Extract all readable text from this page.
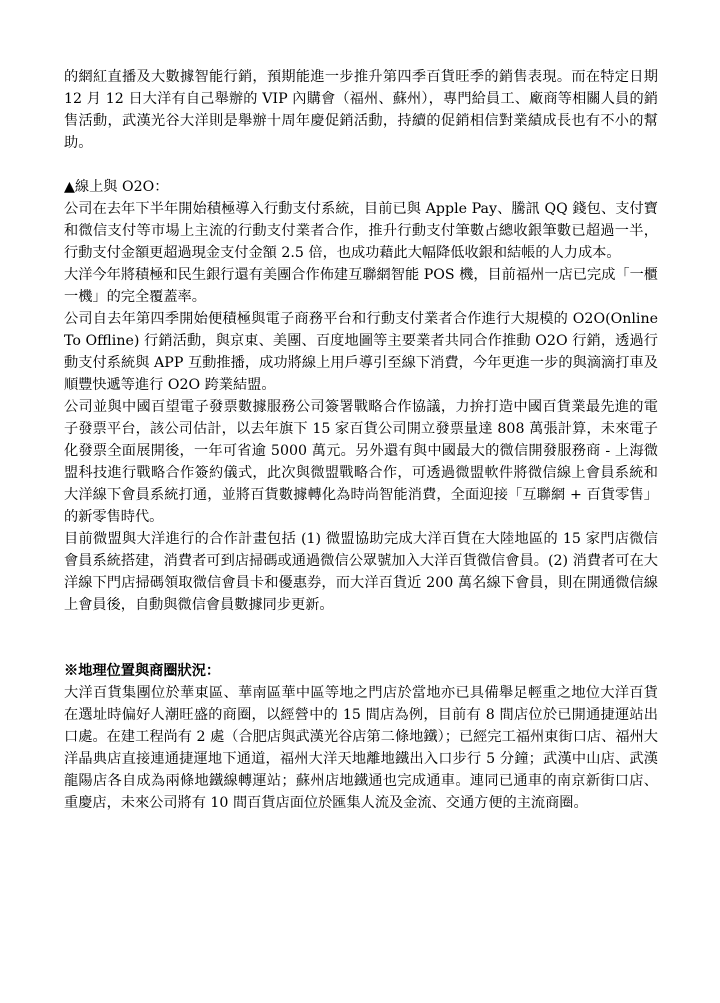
的網紅直播及大數據智能行銷，預期能進一步推升第四季百貨旺季的銷售表現。而在特定日期 12 月 12 日大洋有自己舉辦的 VIP 內購會（福州、蘇州），專門給員工、廠商等相關人員的銷售活動，武漢光谷大洋則是舉辦十周年慶促銷活動，持續的促銷相信對業績成長也有不小的幫助。

▲線上與 O2O：

公司在去年下半年開始積極導入行動支付系統，目前已與 Apple Pay、騰訊 QQ 錢包、支付寶和微信支付等市場上主流的行動支付業者合作，推升行動支付筆數占總收銀筆數已超過一半，行動支付金額更超過現金支付金額 2.5 倍，也成功藉此大幅降低收銀和結帳的人力成本。

大洋今年將積極和民生銀行還有美團合作佈建互聯網智能 POS 機，目前福州一店已完成「一櫃一機」的完全覆蓋率。

公司自去年第四季開始便積極與電子商務平台和行動支付業者合作進行大規模的 O2O(Online To Offline) 行銷活動，與京東、美團、百度地圖等主要業者共同合作推動 O2O 行銷，透過行動支付系統與 APP 互動推播，成功將線上用戶導引至線下消費，今年更進一步的與滴滴打車及順豐快遞等進行 O2O 跨業結盟。

公司並與中國百望電子發票數據服務公司簽署戰略合作協議，力拚打造中國百貨業最先進的電子發票平台，該公司估計，以去年旗下 15 家百貨公司開立發票量達 808 萬張計算，未來電子化發票全面展開後，一年可省逾 5000 萬元。另外還有與中國最大的微信開發服務商 - 上海微盟科技進行戰略合作簽約儀式，此次與微盟戰略合作，可透過微盟軟件將微信線上會員系統和大洋線下會員系統打通，並將百貨數據轉化為時尚智能消費，全面迎接「互聯網 + 百貨零售」的新零售時代。

目前微盟與大洋進行的合作計畫包括 (1) 微盟協助完成大洋百貨在大陸地區的 15 家門店微信會員系統搭建，消費者可到店掃碼或通過微信公眾號加入大洋百貨微信會員。(2) 消費者可在大洋線下門店掃碼領取微信會員卡和優惠券，而大洋百貨近 200 萬名線下會員，則在開通微信線上會員後，自動與微信會員數據同步更新。

※地理位置與商圈狀況：

大洋百貨集團位於華東區、華南區華中區等地之門店於當地亦已具備舉足輕重之地位大洋百貨在選址時偏好人潮旺盛的商圈，以經營中的 15 間店為例，目前有 8 間店位於已開通捷運站出口處。在建工程尚有 2 處（合肥店與武漢光谷店第二條地鐵）；已經完工福州東街口店、福州大洋晶典店直接連通捷運地下通道，福州大洋天地離地鐵出入口步行 5 分鐘；武漢中山店、武漢龍陽店各自成為兩條地鐵線轉運站；蘇州店地鐵通也完成通車。連同已通車的南京新街口店、重慶店，未來公司將有 10 間百貨店面位於匯集人流及金流、交通方便的主流商圈。
